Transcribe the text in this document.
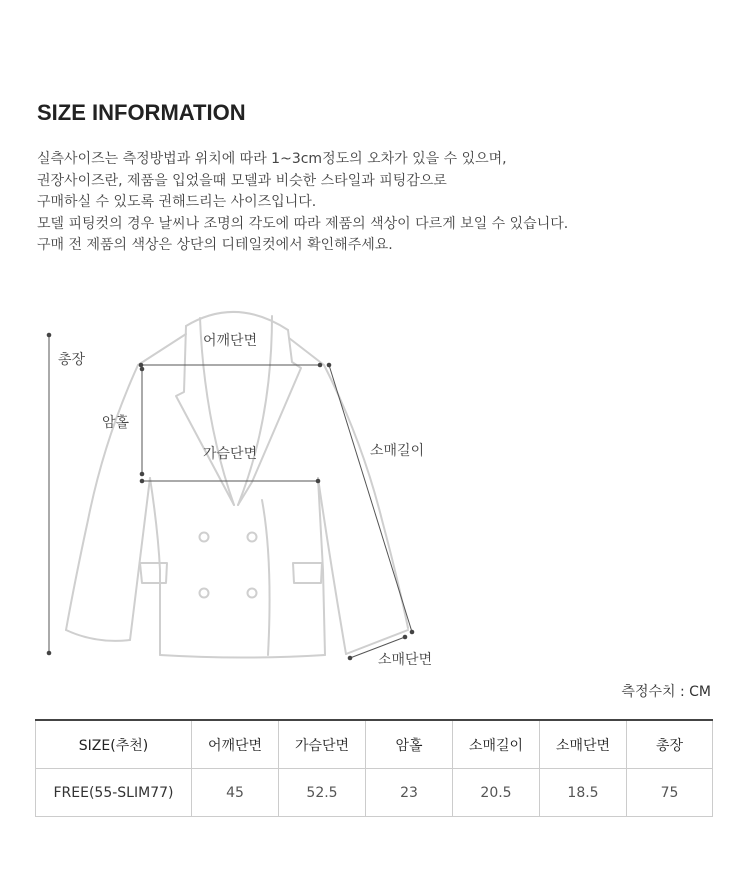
SIZE INFORMATION
실측사이즈는 측정방법과 위치에 따라 1~3cm정도의 오차가 있을 수 있으며,
권장사이즈란, 제품을 입었을때 모델과 비슷한 스타일과 피팅감으로
구매하실 수 있도록 권해드리는 사이즈입니다.
모델 피팅컷의 경우 날씨나 조명의 각도에 따라 제품의 색상이 다르게 보일 수 있습니다.
구매 전 제품의 색상은 상단의 디테일컷에서 확인해주세요.
총장
암홀
어깨단면
가슴단면	소매길이
소매단면
측정수치 : CM
SIZE(추천)	어깨단면	가슴단면	암홀	소매길이	소매단면	총장
FREE(55-SLIM77)	45	52.5	23	20.5	18.5	75
